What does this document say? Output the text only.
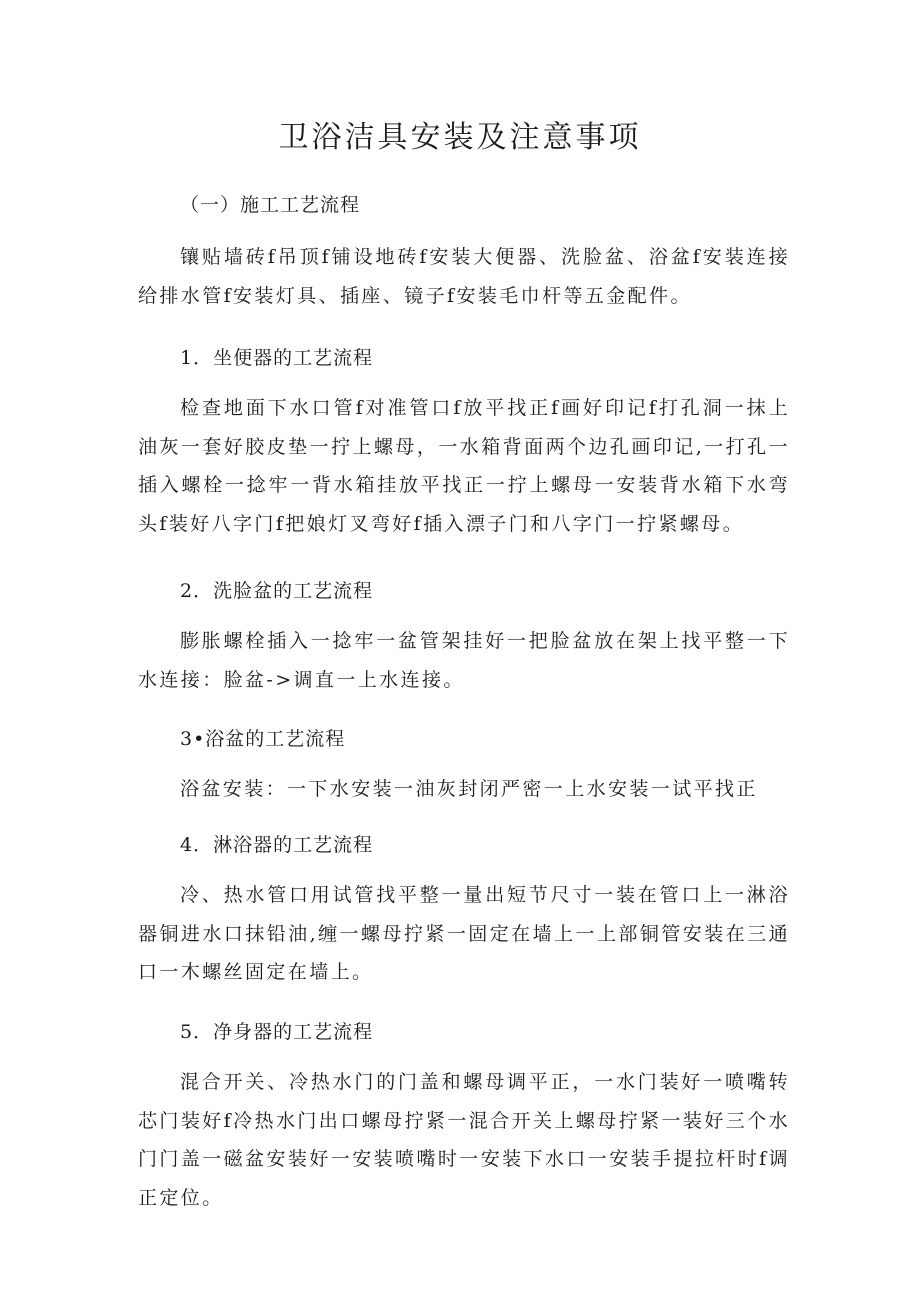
卫浴洁具安装及注意事项

（一）施工工艺流程

镶贴墙砖f吊顶f铺设地砖f安装大便器、洗脸盆、浴盆f安装连接给排水管f安装灯具、插座、镜子f安装毛巾杆等五金配件。

1．坐便器的工艺流程

检查地面下水口管f对准管口f放平找正f画好印记f打孔洞一抹上油灰一套好胶皮垫一拧上螺母，一水箱背面两个边孔画印记,一打孔一插入螺栓一捻牢一背水箱挂放平找正一拧上螺母一安装背水箱下水弯头f装好八字门f把娘灯叉弯好f插入漂子门和八字门一拧紧螺母。

2．洗脸盆的工艺流程

膨胀螺栓插入一捻牢一盆管架挂好一把脸盆放在架上找平整一下水连接：脸盆->调直一上水连接。

3•浴盆的工艺流程

浴盆安装：一下水安装一油灰封闭严密一上水安装一试平找正

4．淋浴器的工艺流程

冷、热水管口用试管找平整一量出短节尺寸一装在管口上一淋浴器铜进水口抹铅油,缠一螺母拧紧一固定在墙上一上部铜管安装在三通口一木螺丝固定在墙上。

5．净身器的工艺流程

混合开关、冷热水门的门盖和螺母调平正，一水门装好一喷嘴转芯门装好f冷热水门出口螺母拧紧一混合开关上螺母拧紧一装好三个水门门盖一磁盆安装好一安装喷嘴时一安装下水口一安装手提拉杆时f调正定位。
